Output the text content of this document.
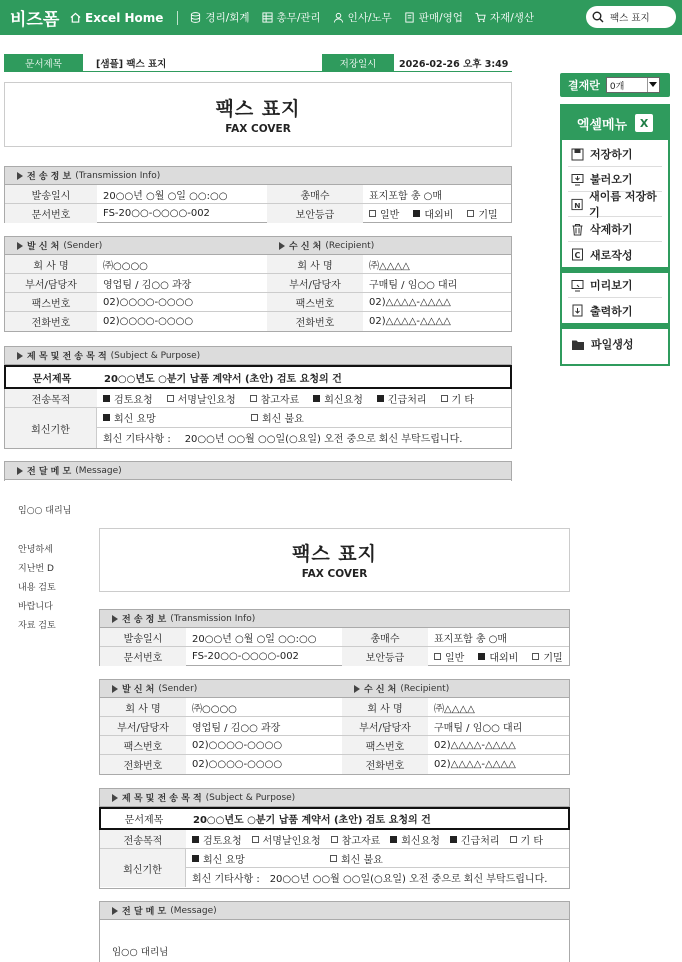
비즈폼	Excel Home	경리/회계	총무/관리	인사/노무	판매/영업	자재/생산	팩스 표지
문서제목	[샘플] 팩스 표지	저장일시	2026-02-26 오후 3:49
팩스 표지
FAX COVER
전 송 정 보 (Transmission Info)
발송일시	20○○년 ○월 ○일 ○○:○○	총매수	표지포함 총 ○매
문서번호	FS-20○○-○○○○-002	보안등급	일반	대외비	기밀
발 신 처 (Sender)	수 신 처 (Recipient)
회 사 명	㈜○○○○	회 사 명	㈜△△△△
부서/담당자	영업팀 / 김○○ 과장	부서/담당자	구매팀 / 임○○ 대리
팩스번호	02)○○○○-○○○○	팩스번호	02)△△△△-△△△△
전화번호	02)○○○○-○○○○	전화번호	02)△△△△-△△△△
제 목 및 전 송 목 적 (Subject & Purpose)
문서제목	20○○년도 ○분기 납품 계약서 (초안) 검토 요청의 건
전송목적	검토요청	서명날인요청	참고자료	회신요청	긴급처리	기 타
회신기한
회신 요망	회신 불요
회신 기타사항 : 20○○년 ○○월 ○○일(○요일) 오전 중으로 회신 부탁드립니다.
전 달 메 모 (Message)
임○○ 대리님
안녕하세
지난번 D
내용 검토
바랍니다
자료 검토
팩스 표지
FAX COVER
전 송 정 보 (Transmission Info)
발송일시	20○○년 ○월 ○일 ○○:○○	총매수	표지포함 총 ○매
문서번호	FS-20○○-○○○○-002	보안등급	일반	대외비	기밀
발 신 처 (Sender)	수 신 처 (Recipient)
회 사 명	㈜○○○○	회 사 명	㈜△△△△
부서/담당자	영업팀 / 김○○ 과장	부서/담당자	구매팀 / 임○○ 대리
팩스번호	02)○○○○-○○○○	팩스번호	02)△△△△-△△△△
전화번호	02)○○○○-○○○○	전화번호	02)△△△△-△△△△
제 목 및 전 송 목 적 (Subject & Purpose)
문서제목	20○○년도 ○분기 납품 계약서 (초안) 검토 요청의 건
전송목적	검토요청 서명날인요청 참고자료 회신요청 긴급처리 기 타
회신기한
회신 요망	회신 불요
회신 기타사항 : 20○○년 ○○월 ○○일(○요일) 오전 중으로 회신 부탁드립니다.
전 달 메 모 (Message)
임○○ 대리님
결재란 0개
엑셀메뉴	X
저장하기
불러오기
N
새이름 저장하기
삭제하기
C 새로작성
미리보기
출력하기
파일생성
